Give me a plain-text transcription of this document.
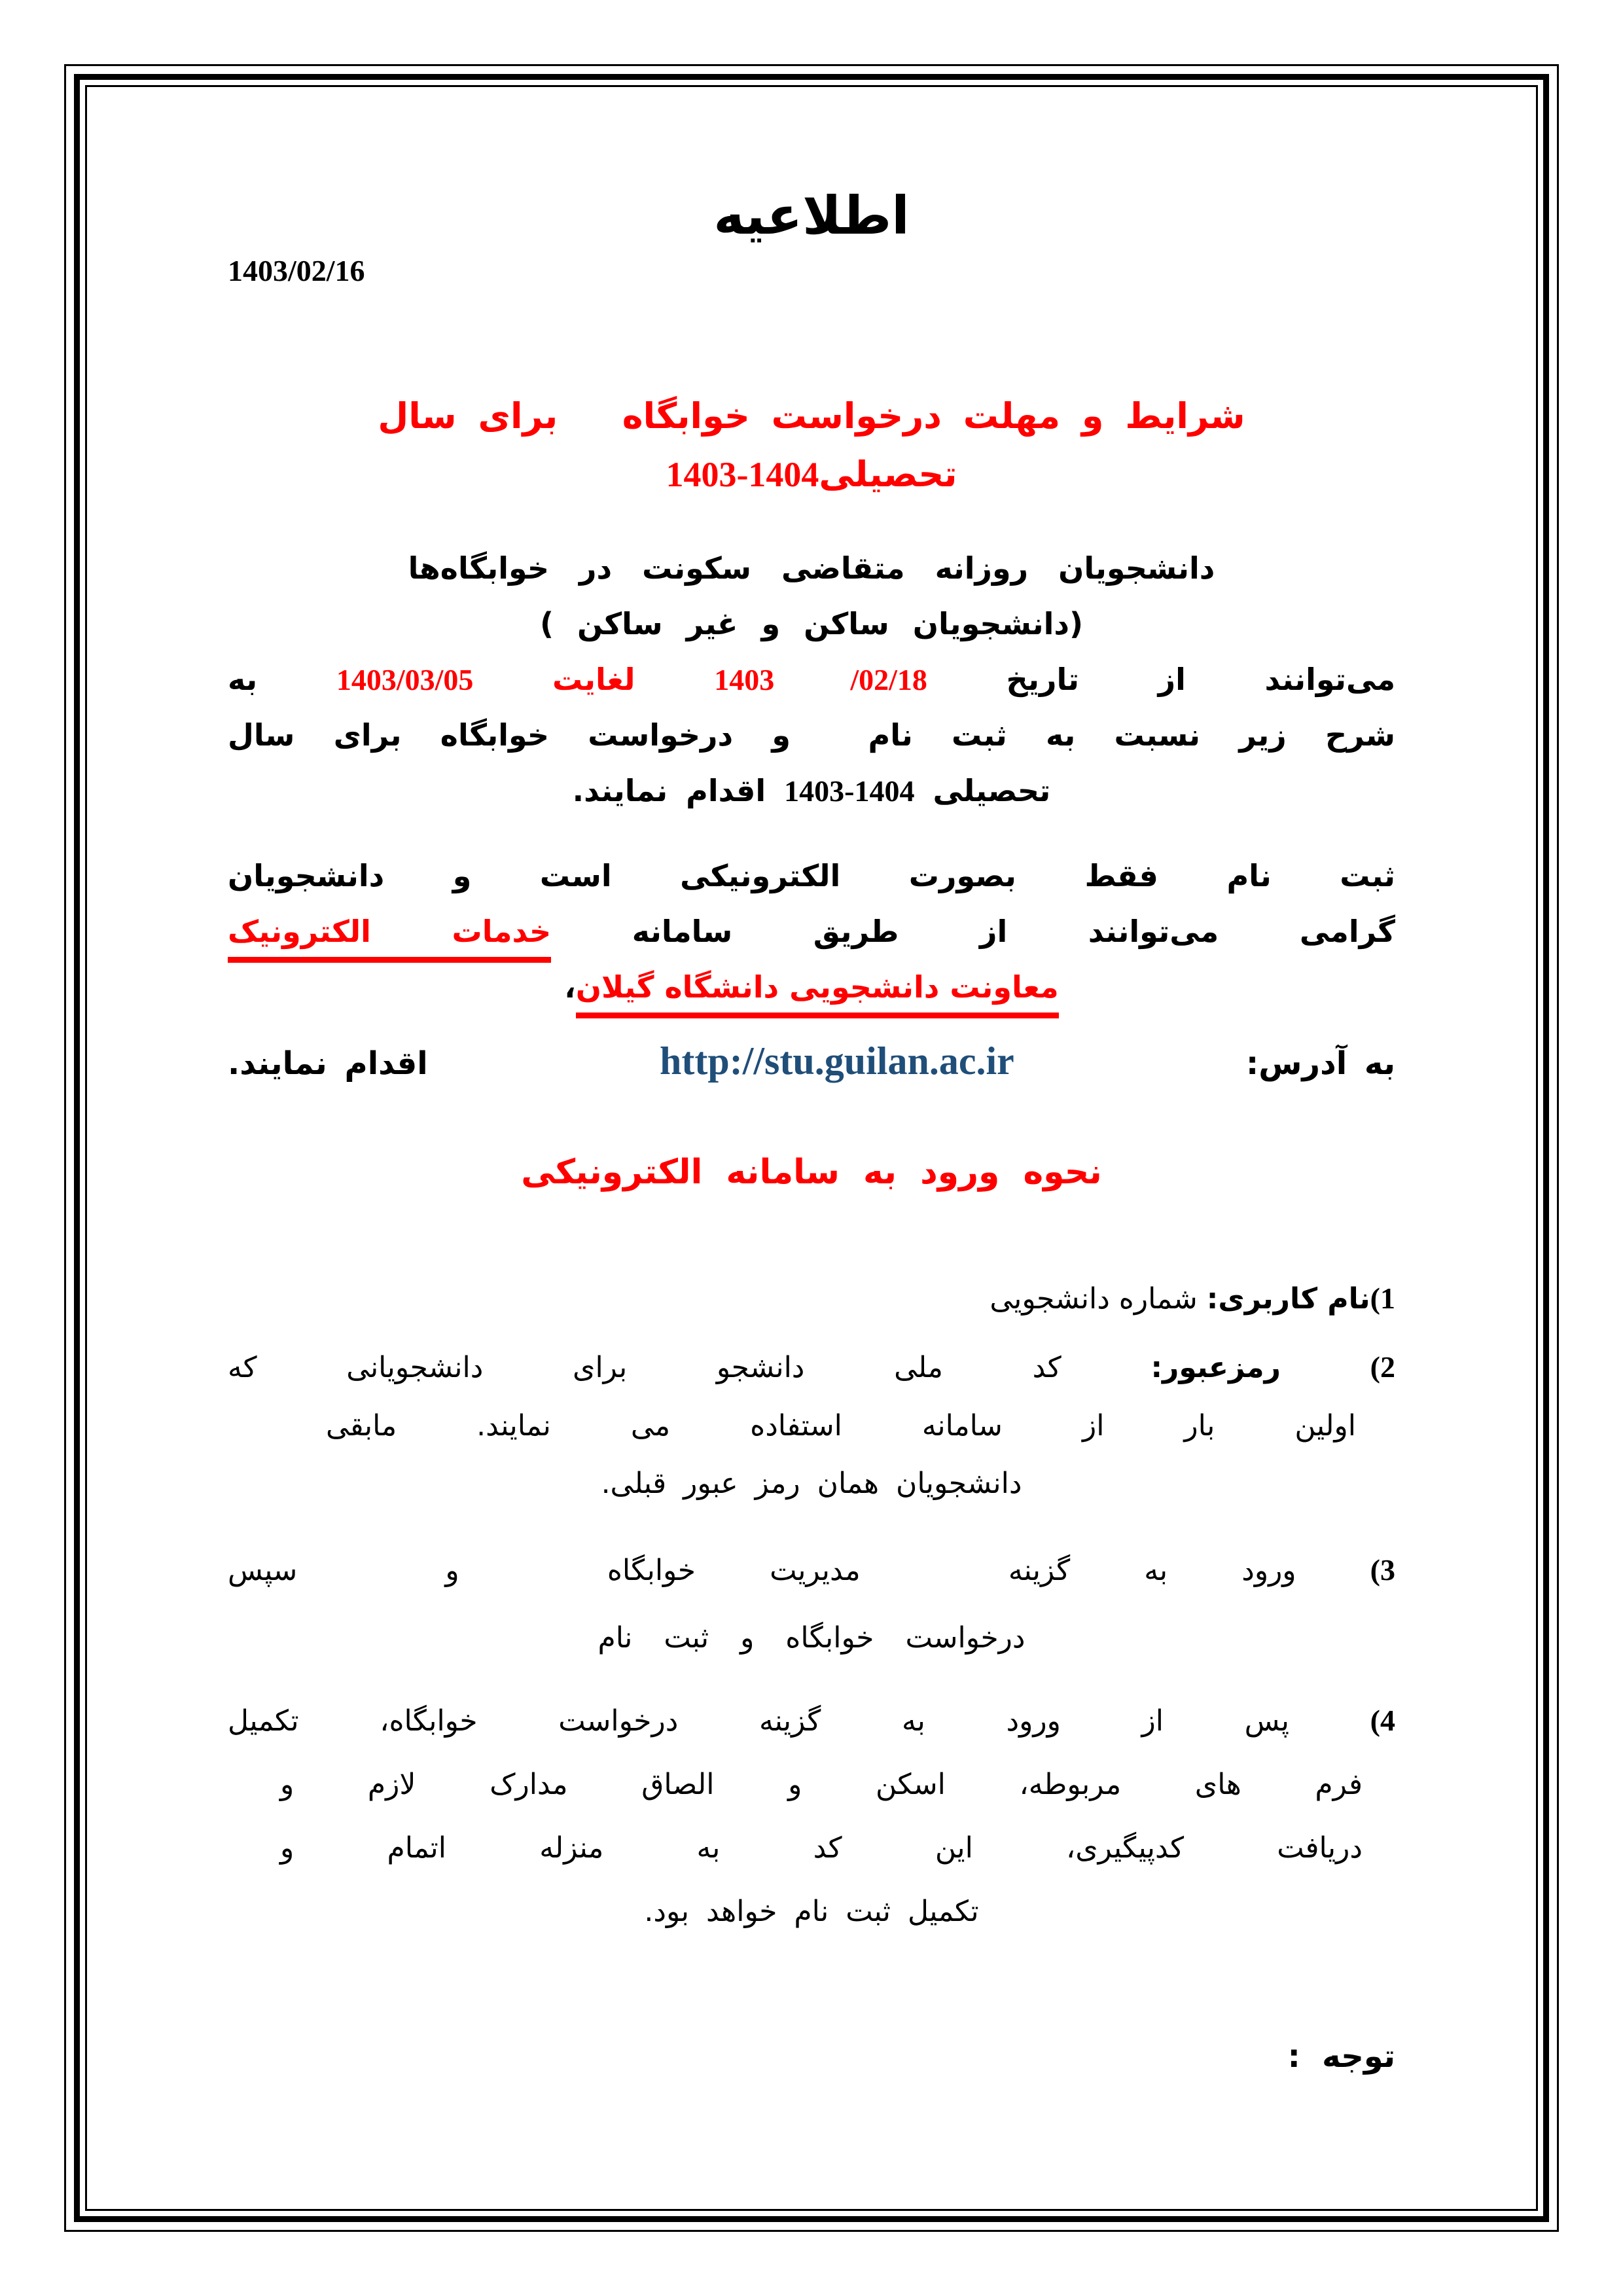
اطلاعیه
1403/02/16
شرایط و مهلت درخواست خوابگاه   برای سال
تحصیلی1403-1404
دانشجویان روزانه متقاضی سکونت در خوابگاه‌ها
(دانشجویان ساکن و غیر ساکن )
می‌توانند از تاریخ 1403 /02/18 لغایت 1403/03/05 به
شرح زیر نسبت به ثبت نام  و درخواست خوابگاه برای سال
تحصیلی 1403-1404 اقدام نمایند.
ثبت نام فقط بصورت الکترونیکی است و دانشجویان
گرامی می‌توانند از طریق سامانه خدمات الکترونیک
معاونت دانشجویی دانشگاه گیلان،
به آدرس:
http://stu.guilan.ac.ir
اقدام نمایند.
نحوه ورود به سامانه الکترونیکی
1)نام کاربری: شماره دانشجویی
2) رمزعبور: کد ملی دانشجو برای دانشجویانی که
اولین بار از سامانه استفاده می نمایند. مابقی
دانشجویان همان رمز عبور قبلی.
3) ورود به گزینه  مدیریت خوابگاه  و  سپس
درخواست خوابگاه و ثبت نام
4) پس از ورود به گزینه درخواست خوابگاه، تکمیل
فرم های مربوطه، اسکن و الصاق مدارک لازم و
دریافت کدپیگیری، این کد به منزله اتمام و
تکمیل ثبت نام خواهد بود.
توجه  :
